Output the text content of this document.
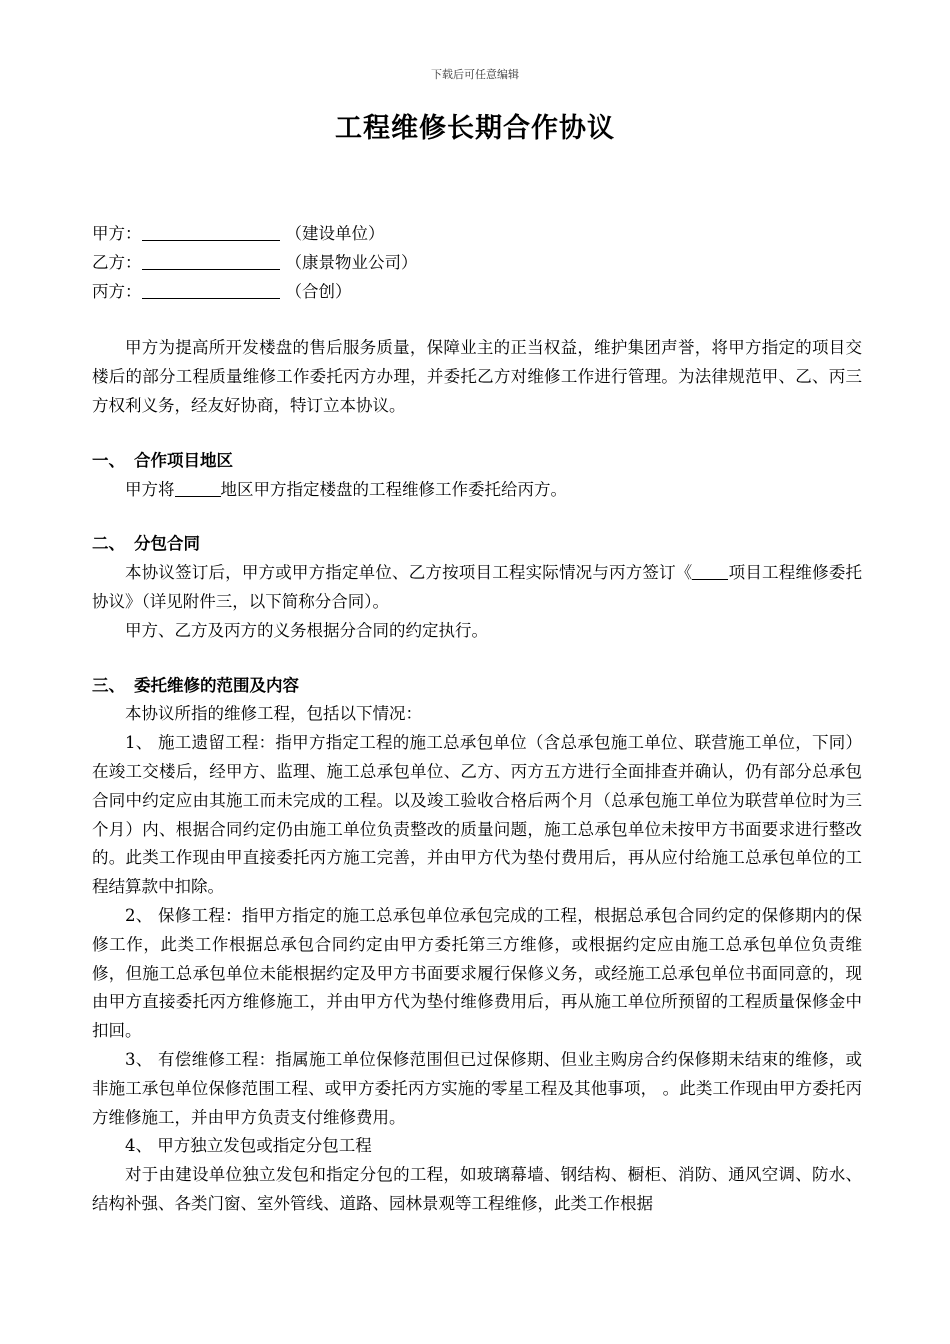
下载后可任意编辑
工程维修长期合作协议
甲方：	（建设单位）
乙方：	（康景物业公司）
丙方：	（合创）

甲方为提高所开发楼盘的售后服务质量，保障业主的正当权益，维护集团声誉，将甲方指定的项目交楼后的部分工程质量维修工作委托丙方办理，并委托乙方对维修工作进行管理。为法律规范甲、乙、丙三方权利义务，经友好协商，特订立本协议。

一、 合作项目地区

甲方将	地区甲方指定楼盘的工程维修工作委托给丙方。

二、 分包合同

本协议签订后，甲方或甲方指定单位、乙方按项目工程实际情况与丙方签订《 项目工程维修委托协议》（详见附件三，以下简称分合同）。

甲方、乙方及丙方的义务根据分合同的约定执行。

三、 委托维修的范围及内容

本协议所指的维修工程，包括以下情况：

1、 施工遗留工程：指甲方指定工程的施工总承包单位（含总承包施工单位、联营施工单位，下同）在竣工交楼后，经甲方、监理、施工总承包单位、乙方、丙方五方进行全面排查并确认，仍有部分总承包合同中约定应由其施工而未完成的工程。以及竣工验收合格后两个月（总承包施工单位为联营单位时为三个月）内、根据合同约定仍由施工单位负责整改的质量问题，施工总承包单位未按甲方书面要求进行整改的。此类工作现由甲直接委托丙方施工完善，并由甲方代为垫付费用后，再从应付给施工总承包单位的工程结算款中扣除。

2、 保修工程：指甲方指定的施工总承包单位承包完成的工程，根据总承包合同约定的保修期内的保修工作，此类工作根据总承包合同约定由甲方委托第三方维修，或根据约定应由施工总承包单位负责维修，但施工总承包单位未能根据约定及甲方书面要求履行保修义务，或经施工总承包单位书面同意的，现由甲方直接委托丙方维修施工，并由甲方代为垫付维修费用后，再从施工单位所预留的工程质量保修金中扣回。

3、 有偿维修工程：指属施工单位保修范围但已过保修期、但业主购房合约保修期未结束的维修，或非施工承包单位保修范围工程、或甲方委托丙方实施的零星工程及其他事项， 。此类工作现由甲方委托丙方维修施工，并由甲方负责支付维修费用。

4、 甲方独立发包或指定分包工程

对于由建设单位独立发包和指定分包的工程，如玻璃幕墙、钢结构、橱柜、消防、通风空调、防水、结构补强、各类门窗、室外管线、道路、园林景观等工程维修，此类工作根据
